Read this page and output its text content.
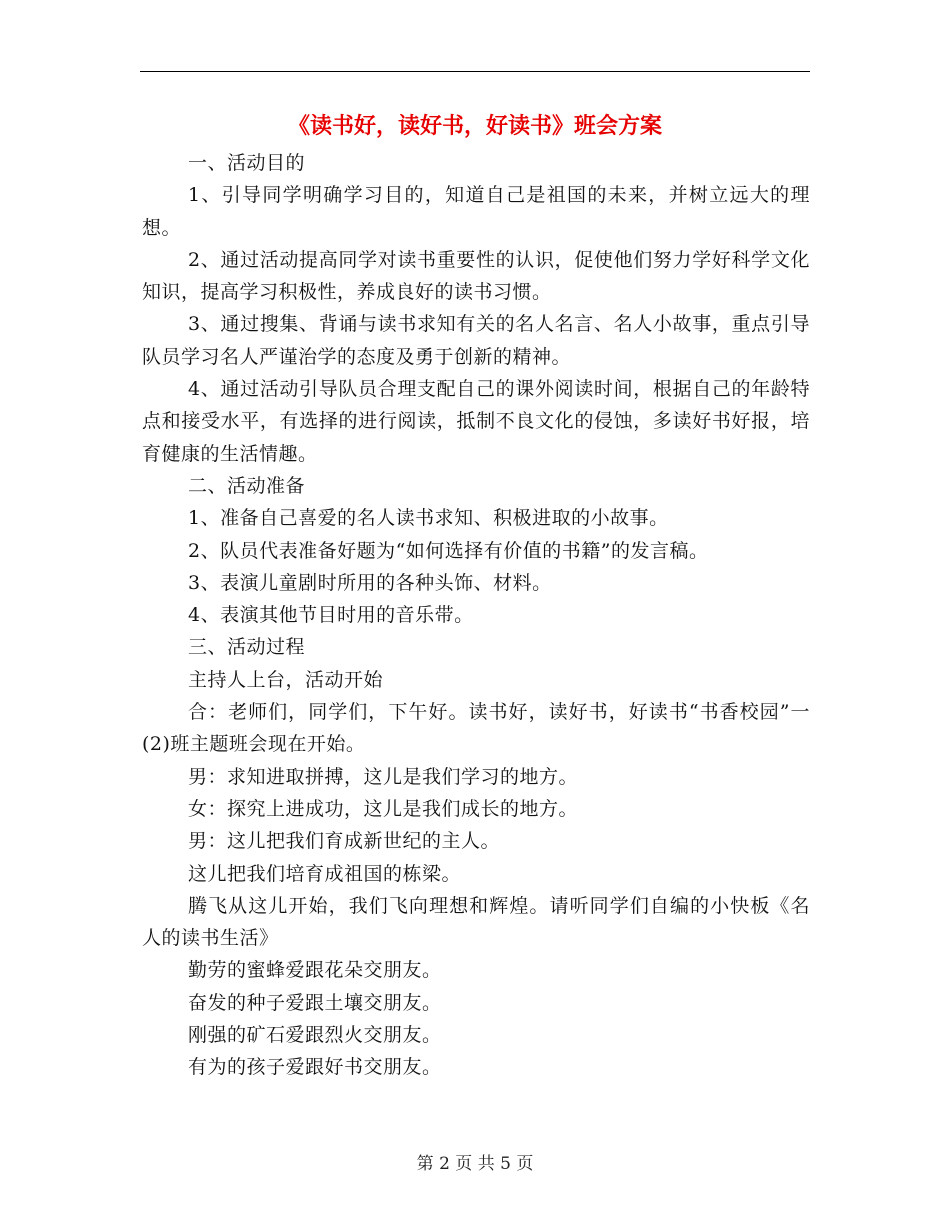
《读书好，读好书，好读书》班会方案

一、活动目的

1、引导同学明确学习目的，知道自己是祖国的未来，并树立远大的理想。

2、通过活动提高同学对读书重要性的认识，促使他们努力学好科学文化知识，提高学习积极性，养成良好的读书习惯。

3、通过搜集、背诵与读书求知有关的名人名言、名人小故事，重点引导队员学习名人严谨治学的态度及勇于创新的精神。

4、通过活动引导队员合理支配自己的课外阅读时间，根据自己的年龄特点和接受水平，有选择的进行阅读，抵制不良文化的侵蚀，多读好书好报，培育健康的生活情趣。

二、活动准备

1、准备自己喜爱的名人读书求知、积极进取的小故事。

2、队员代表准备好题为“如何选择有价值的书籍”的发言稿。

3、表演儿童剧时所用的各种头饰、材料。

4、表演其他节目时用的音乐带。

三、活动过程

主持人上台，活动开始

合：老师们，同学们，下午好。读书好，读好书，好读书“书香校园”一(2)班主题班会现在开始。

男：求知进取拼搏，这儿是我们学习的地方。

女：探究上进成功，这儿是我们成长的地方。

男：这儿把我们育成新世纪的主人。

这儿把我们培育成祖国的栋梁。

腾飞从这儿开始，我们飞向理想和辉煌。请听同学们自编的小快板《名人的读书生活》

勤劳的蜜蜂爱跟花朵交朋友。

奋发的种子爱跟土壤交朋友。

刚强的矿石爱跟烈火交朋友。

有为的孩子爱跟好书交朋友。

第 2 页 共 5 页
